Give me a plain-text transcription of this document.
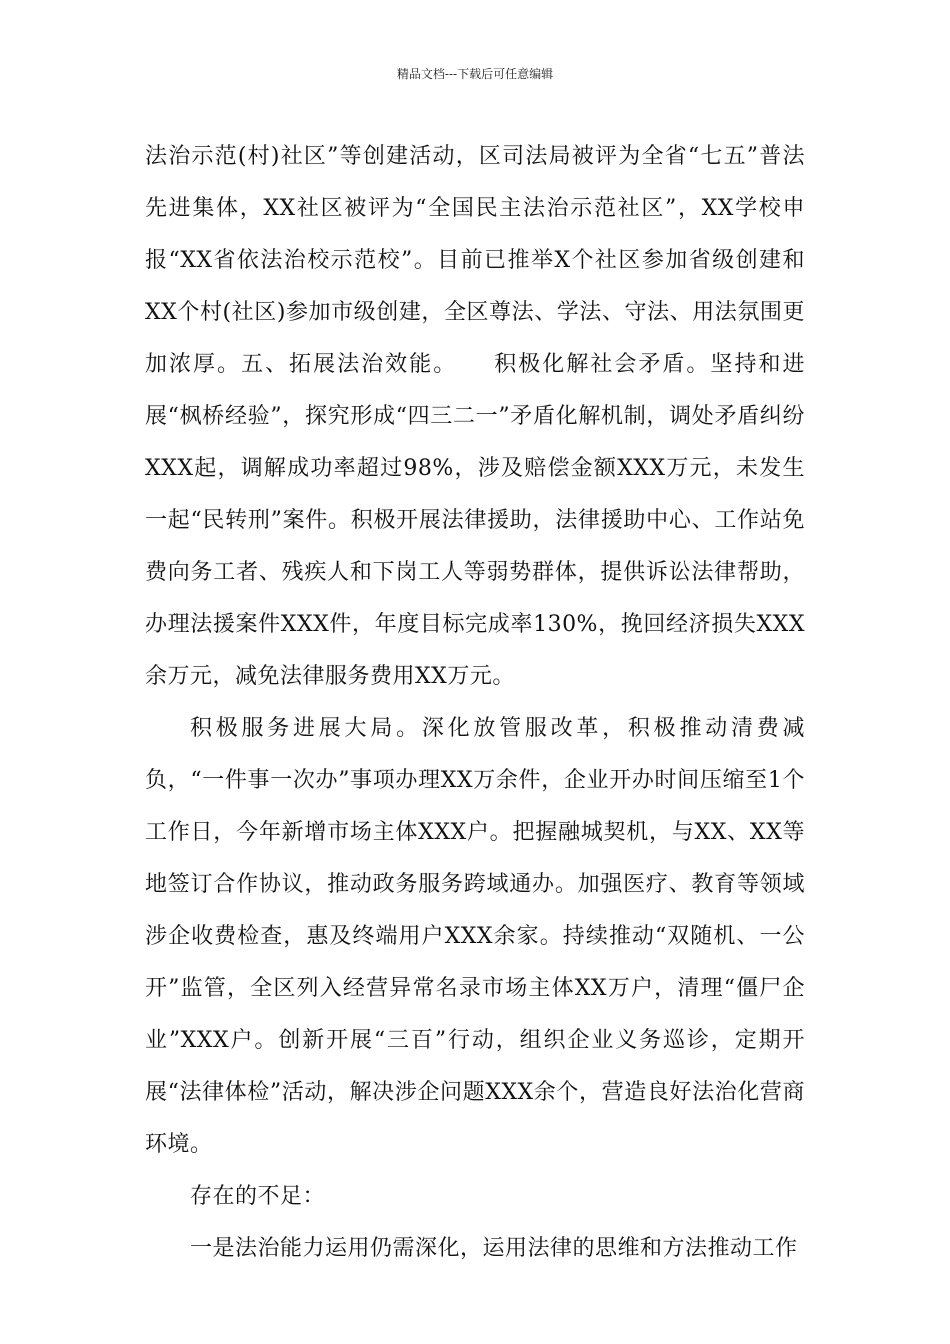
精品文档---下载后可任意编辑

法治示范(村)社区”等创建活动，区司法局被评为全省“七五”普法先进集体，XX社区被评为“全国民主法治示范社区”，XX学校申报“XX省依法治校示范校”。目前已推举X个社区参加省级创建和XX个村(社区)参加市级创建，全区尊法、学法、守法、用法氛围更加浓厚。五、拓展法治效能。　　积极化解社会矛盾。坚持和进展“枫桥经验”，探究形成“四三二一”矛盾化解机制，调处矛盾纠纷XXX起，调解成功率超过98%，涉及赔偿金额XXX万元，未发生一起“民转刑”案件。积极开展法律援助，法律援助中心、工作站免费向务工者、残疾人和下岗工人等弱势群体，提供诉讼法律帮助，办理法援案件XXX件，年度目标完成率130%，挽回经济损失XXX余万元，减免法律服务费用XX万元。

积极服务进展大局。深化放管服改革，积极推动清费减负，“一件事一次办”事项办理XX万余件，企业开办时间压缩至1个工作日，今年新增市场主体XXX户。把握融城契机，与XX、XX等地签订合作协议，推动政务服务跨域通办。加强医疗、教育等领域涉企收费检查，惠及终端用户XXX余家。持续推动“双随机、一公开”监管，全区列入经营异常名录市场主体XX万户，清理“僵尸企业”XXX户。创新开展“三百”行动，组织企业义务巡诊，定期开展“法律体检”活动，解决涉企问题XXX余个，营造良好法治化营商环境。

存在的不足：

一是法治能力运用仍需深化，运用法律的思维和方法推动工作
